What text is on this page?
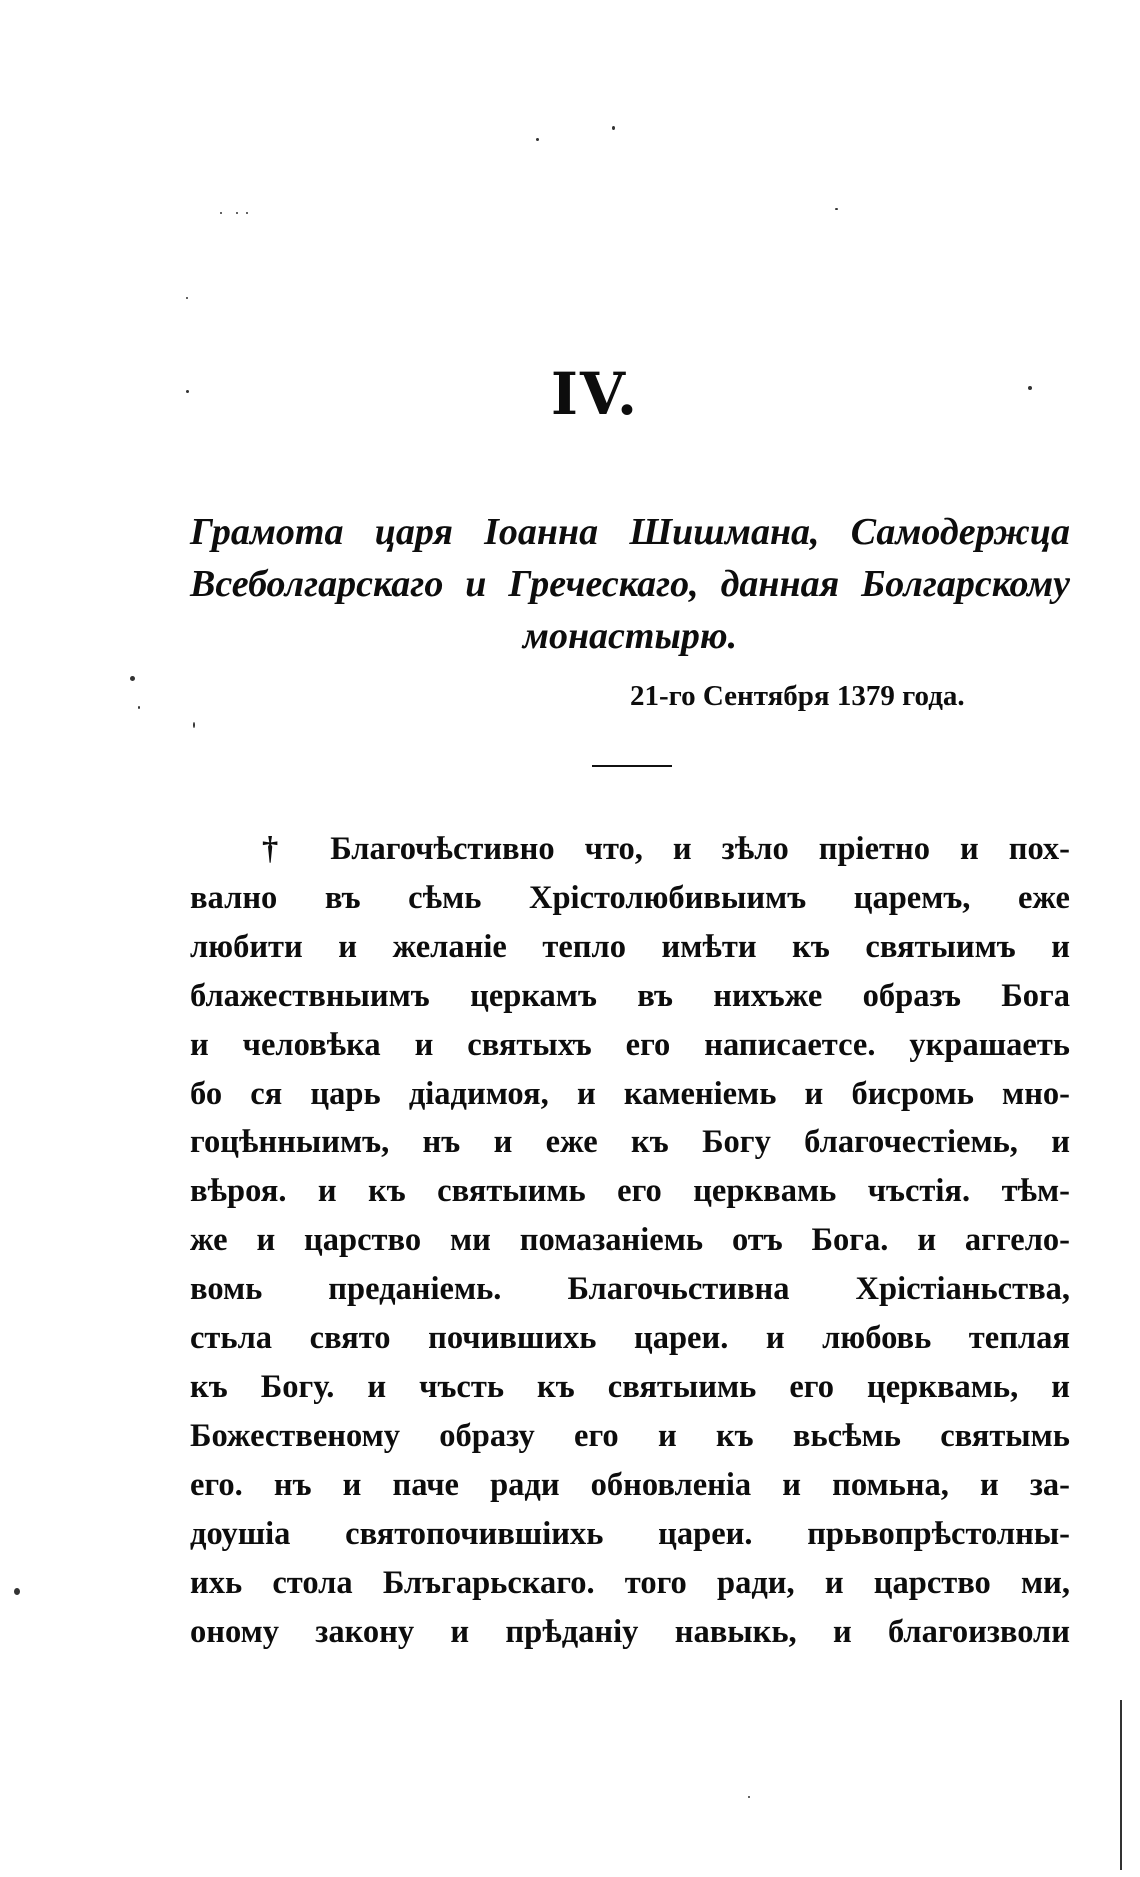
IV.
Грамота царя Іоанна Шишмана, Самодержца
Всеболгарскаго и Греческаго, данная Болгарскому
монастырю.
21-го Сентября 1379 года.
† Благочѣстивно что, и зѣло пріетно и пох-
вално въ сѣмь Хрістолюбивыимъ царемъ, еже
любити и желаніе тепло имѣти къ святыимъ и
блажествныимъ церкамъ въ нихъже образъ Бога
и человѣка и святыхъ его написаетсе. украшаеть
бо ся царь діадимоя, и каменіемь и бисромь мно-
гоцѣнныимъ, нъ и еже къ Богу благочестіемь, и
вѣроя. и къ святыимь его церквамь чъстія. тѣм-
же и царство ми помазаніемь отъ Бога. и аггело-
вомь преданіемь. Благочьстивна Хрістіаньства,
стьла свято почившихь цареи. и любовь теплая
къ Богу. и чъсть къ святыимь его церквамь, и
Божественому образу его и къ вьсѣмь святымь
его. нъ и паче ради обновленіа и помьна, и за-
доушіа святопочившіихь цареи. прьвопрѣстолны-
ихь стола Блъгарьскаго. того ради, и царство ми,
оному закону и прѣданіу навыкь, и благоизволи
